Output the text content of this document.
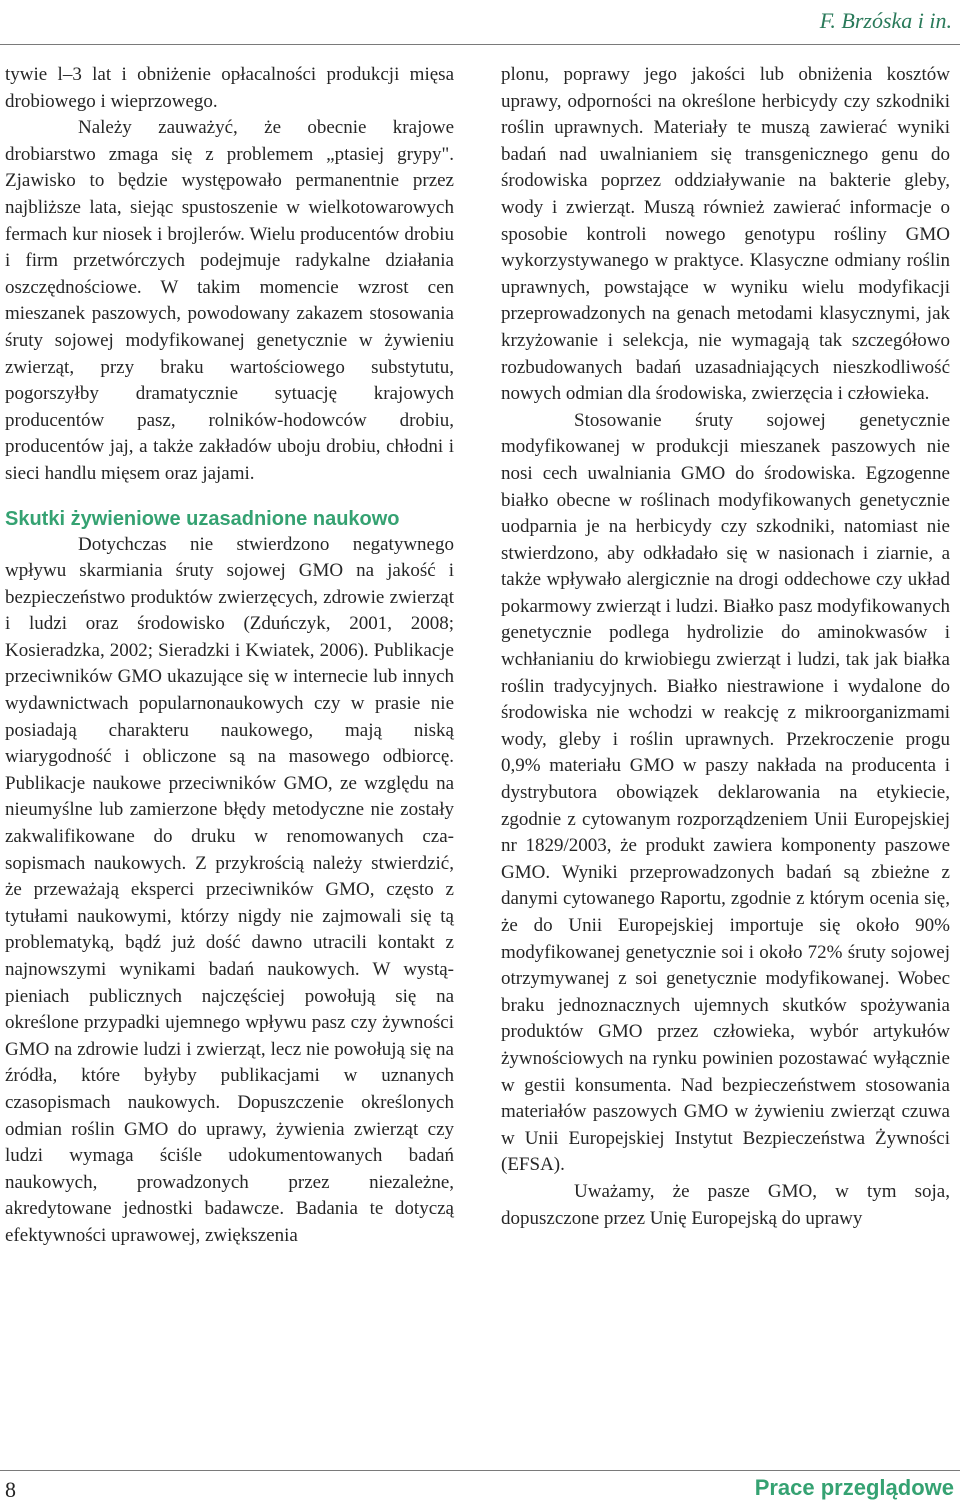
F. Brzóska i in.

tywie l–3 lat i obniżenie opłacalności produkcji mięsa drobiowego i wieprzowego.

Należy zauważyć, że obecnie krajowe drobiarstwo zmaga się z problemem „ptasiej grypy". Zjawisko to będzie występowało permanentnie przez najbliższe lata, siejąc spustoszenie w wielkotowarowych fermach kur niosek i brojlerów. Wielu producentów drobiu i firm przetwórczych podejmuje radykalne działania oszczędnościowe. W takim momencie wzrost cen mieszanek paszowych, powodowany zakazem stosowania śruty sojowej modyfikowanej genetycznie w żywieniu zwierząt, przy braku wartościowego substytutu, pogorszyłby dramatycznie sytuację krajowych producentów pasz, rolników-hodowców drobiu, producentów jaj, a także zakładów uboju drobiu, chłodni i sieci handlu mięsem oraz jajami.

Skutki żywieniowe uzasadnione naukowo

Dotychczas nie stwierdzono negatywnego wpływu skarmiania śruty sojowej GMO na jakość i bezpieczeństwo produktów zwierzęcych, zdrowie zwierząt i ludzi oraz środowisko (Zduńczyk, 2001, 2008; Kosieradzka, 2002; Sieradzki i Kwiatek, 2006). Publikacje przeciwników GMO ukazujące się w internecie lub innych wydawnictwach popularnonaukowych czy w prasie nie posiadają charakteru naukowego, mają niską wiarygodność i obliczone są na masowego odbiorcę. Publikacje naukowe przeciwników GMO, ze względu na nieumyślne lub zamierzone błędy metodyczne nie zostały zakwalifikowane do druku w renomowanych czasopismach naukowych. Z przykrością należy stwierdzić, że przeważają eksperci przeciwników GMO, często z tytułami naukowymi, którzy nigdy nie zajmowali się tą problematyką, bądź już dość dawno utracili kontakt z najnowszymi wynikami badań naukowych. W wystąpieniach publicznych najczęściej powołują się na określone przypadki ujemnego wpływu pasz czy żywności GMO na zdrowie ludzi i zwierząt, lecz nie powołują się na źródła, które byłyby publikacjami w uznanych czasopismach naukowych. Dopuszczenie określonych odmian roślin GMO do uprawy, żywienia zwierząt czy ludzi wymaga ściśle udokumentowanych badań naukowych, prowadzonych przez niezależne, akredytowane jednostki badawcze. Badania te dotyczą efektywności uprawowej, zwiększenia

plonu, poprawy jego jakości lub obniżenia kosztów uprawy, odporności na określone herbicydy czy szkodniki roślin uprawnych. Materiały te muszą zawierać wyniki badań nad uwalnianiem się transgenicznego genu do środowiska poprzez oddziaływanie na bakterie gleby, wody i zwierząt. Muszą również zawierać informacje o sposobie kontroli nowego genotypu rośliny GMO wykorzystywanego w praktyce. Klasyczne odmiany roślin uprawnych, powstające w wyniku wielu modyfikacji przeprowadzonych na genach metodami klasycznymi, jak krzyżowanie i selekcja, nie wymagają tak szczegółowo rozbudowanych badań uzasadniających nieszkodliwość nowych odmian dla środowiska, zwierzęcia i człowieka.

Stosowanie śruty sojowej genetycznie modyfikowanej w produkcji mieszanek paszowych nie nosi cech uwalniania GMO do środowiska. Egzogenne białko obecne w roślinach modyfikowanych genetycznie uodparnia je na herbicydy czy szkodniki, natomiast nie stwierdzono, aby odkładało się w nasionach i ziarnie, a także wpływało alergicznie na drogi oddechowe czy układ pokarmowy zwierząt i ludzi. Białko pasz modyfikowanych genetycznie podlega hydrolizie do aminokwasów i wchłanianiu do krwiobiegu zwierząt i ludzi, tak jak białka roślin tradycyjnych. Białko niestrawione i wydalone do środowiska nie wchodzi w reakcję z mikroorganizmami wody, gleby i roślin uprawnych. Przekroczenie progu 0,9% materiału GMO w paszy nakłada na producenta i dystrybutora obowiązek deklarowania na etykiecie, zgodnie z cytowanym rozporządzeniem Unii Europejskiej nr 1829/2003, że produkt zawiera komponenty paszowe GMO. Wyniki przeprowadzonych badań są zbieżne z danymi cytowanego Raportu, zgodnie z którym ocenia się, że do Unii Europejskiej importuje się około 90% modyfikowanej genetycznie soi i około 72% śruty sojowej otrzymywanej z soi genetycznie modyfikowanej. Wobec braku jednoznacznych ujemnych skutków spożywania produktów GMO przez człowieka, wybór artykułów żywnościowych na rynku powinien pozostawać wyłącznie w gestii konsumenta. Nad bezpieczeństwem stosowania materiałów paszowych GMO w żywieniu zwierząt czuwa w Unii Europejskiej Instytut Bezpieczeństwa Żywności (EFSA).

Uważamy, że pasze GMO, w tym soja, dopuszczone przez Unię Europejską do uprawy

8	Prace przeglądowe
